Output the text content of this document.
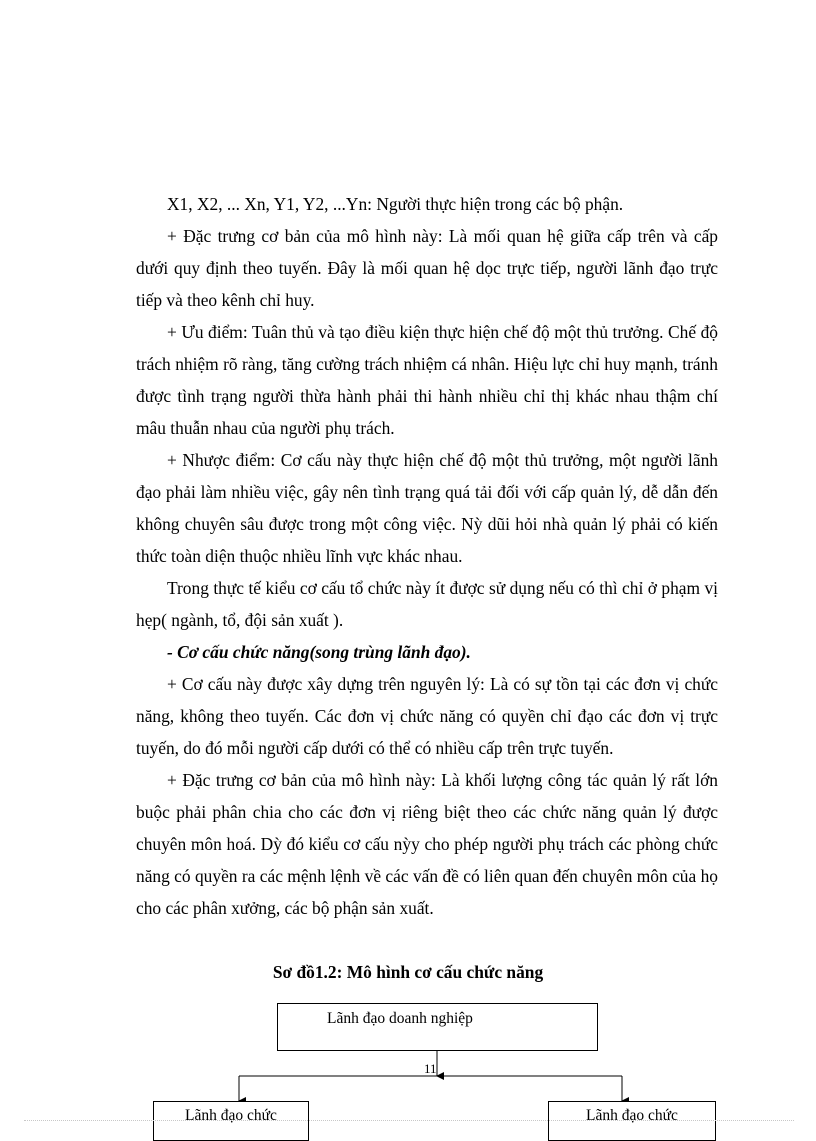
X1, X2, ... Xn, Y1, Y2, ...Yn: Người thực hiện trong các bộ phận.

+ Đặc trưng cơ bản của mô hình này: Là mối quan hệ giữa cấp trên và cấp dưới quy định theo tuyến. Đây là mối quan hệ dọc trực tiếp, người lãnh đạo trực tiếp và theo kênh chỉ huy.

+ Ưu điểm: Tuân thủ và tạo điều kiện thực hiện chế độ một thủ trưởng. Chế độ trách nhiệm rõ ràng, tăng cường trách nhiệm cá nhân. Hiệu lực chỉ huy mạnh, tránh được tình trạng người thừa hành phải thi hành nhiều chỉ thị khác nhau thậm chí mâu thuẫn nhau của người phụ trách.

+ Nhược điểm: Cơ cấu này thực hiện chế độ một thủ trưởng, một người lãnh đạo phải làm nhiều việc, gây nên tình trạng quá tải đối với cấp quản lý, dễ dẫn đến không chuyên sâu được trong một công việc. Nỳ dũi hỏi nhà quản lý phải có kiến thức toàn diện thuộc nhiều lĩnh vực khác nhau.

Trong thực tế kiểu cơ cấu tổ chức này ít được sử dụng nếu có thì chỉ ở phạm vị hẹp( ngành, tổ, đội sản xuất ).

- Cơ cấu chức năng(song trùng lãnh đạo).

+ Cơ cấu này được xây dựng trên nguyên lý: Là có sự tồn tại các đơn vị chức năng, không theo tuyến. Các đơn vị chức năng có quyền chỉ đạo các đơn vị trực tuyến, do đó mỗi người cấp dưới có thể có nhiều cấp trên trực tuyến.

+ Đặc trưng cơ bản của mô hình này: Là khối lượng công tác quản lý rất lớn buộc phải phân chia cho các đơn vị riêng biệt theo các chức năng quản lý được chuyên môn hoá. Dỳ đó kiểu cơ cấu nỳy cho phép người phụ trách các phòng chức năng có quyền ra các mệnh lệnh về các vấn đề có liên quan đến chuyên môn của họ cho các phân xưởng, các bộ phận sản xuất.

Sơ đồ1.2: Mô hình cơ cấu chức năng
Lãnh đạo doanh nghiệp
11
Lãnh đạo chức	Lãnh đạo chức
